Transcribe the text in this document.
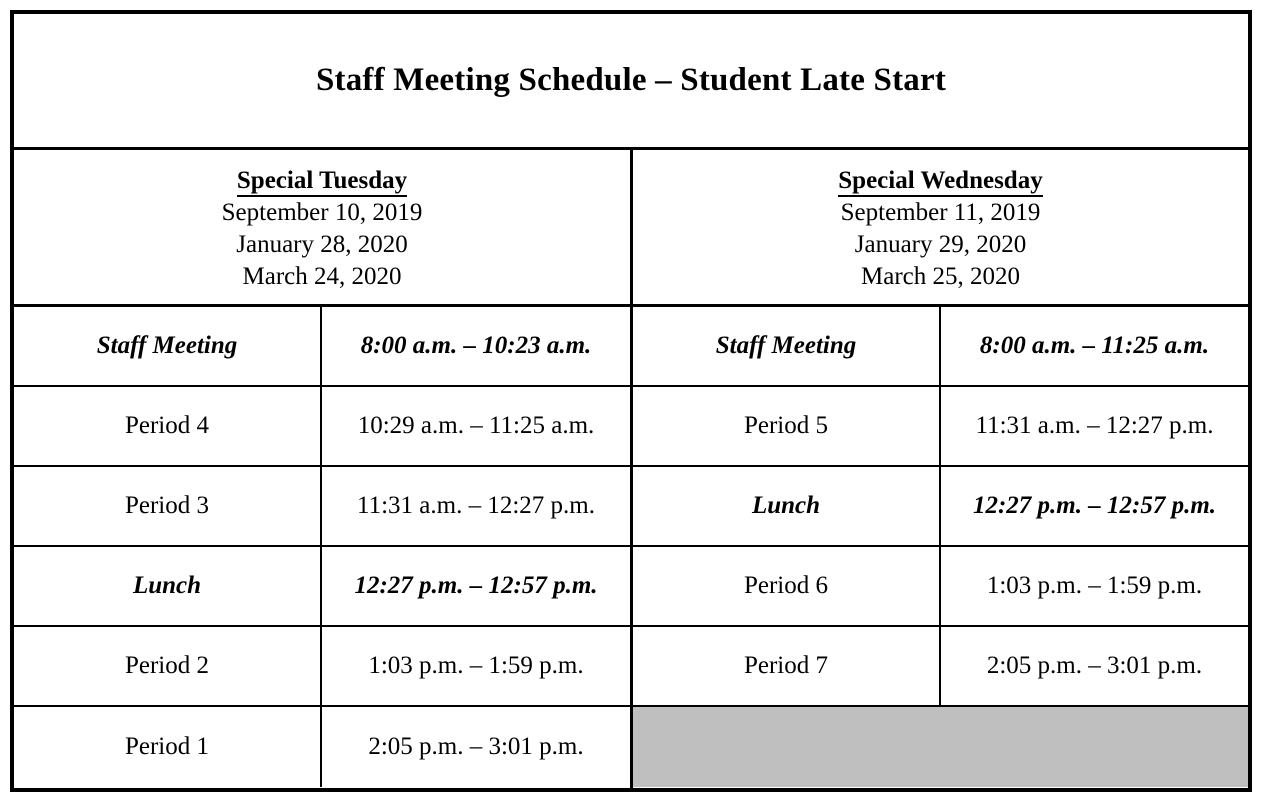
Staff Meeting Schedule – Student Late Start
Special Tuesday
September 10, 2019
January 28, 2020
March 24, 2020
Special Wednesday
September 11, 2019
January 29, 2020
March 25, 2020
Staff Meeting	8:00 a.m. – 10:23 a.m.
Period 4	10:29 a.m. – 11:25 a.m.
Period 3	11:31 a.m. – 12:27 p.m.
Lunch	12:27 p.m. – 12:57 p.m.
Period 2	1:03 p.m. – 1:59 p.m.
Period 1	2:05 p.m. – 3:01 p.m.
Staff Meeting	8:00 a.m. – 11:25 a.m.
Period 5	11:31 a.m. – 12:27 p.m.
Lunch	12:27 p.m. – 12:57 p.m.
Period 6	1:03 p.m. – 1:59 p.m.
Period 7	2:05 p.m. – 3:01 p.m.
